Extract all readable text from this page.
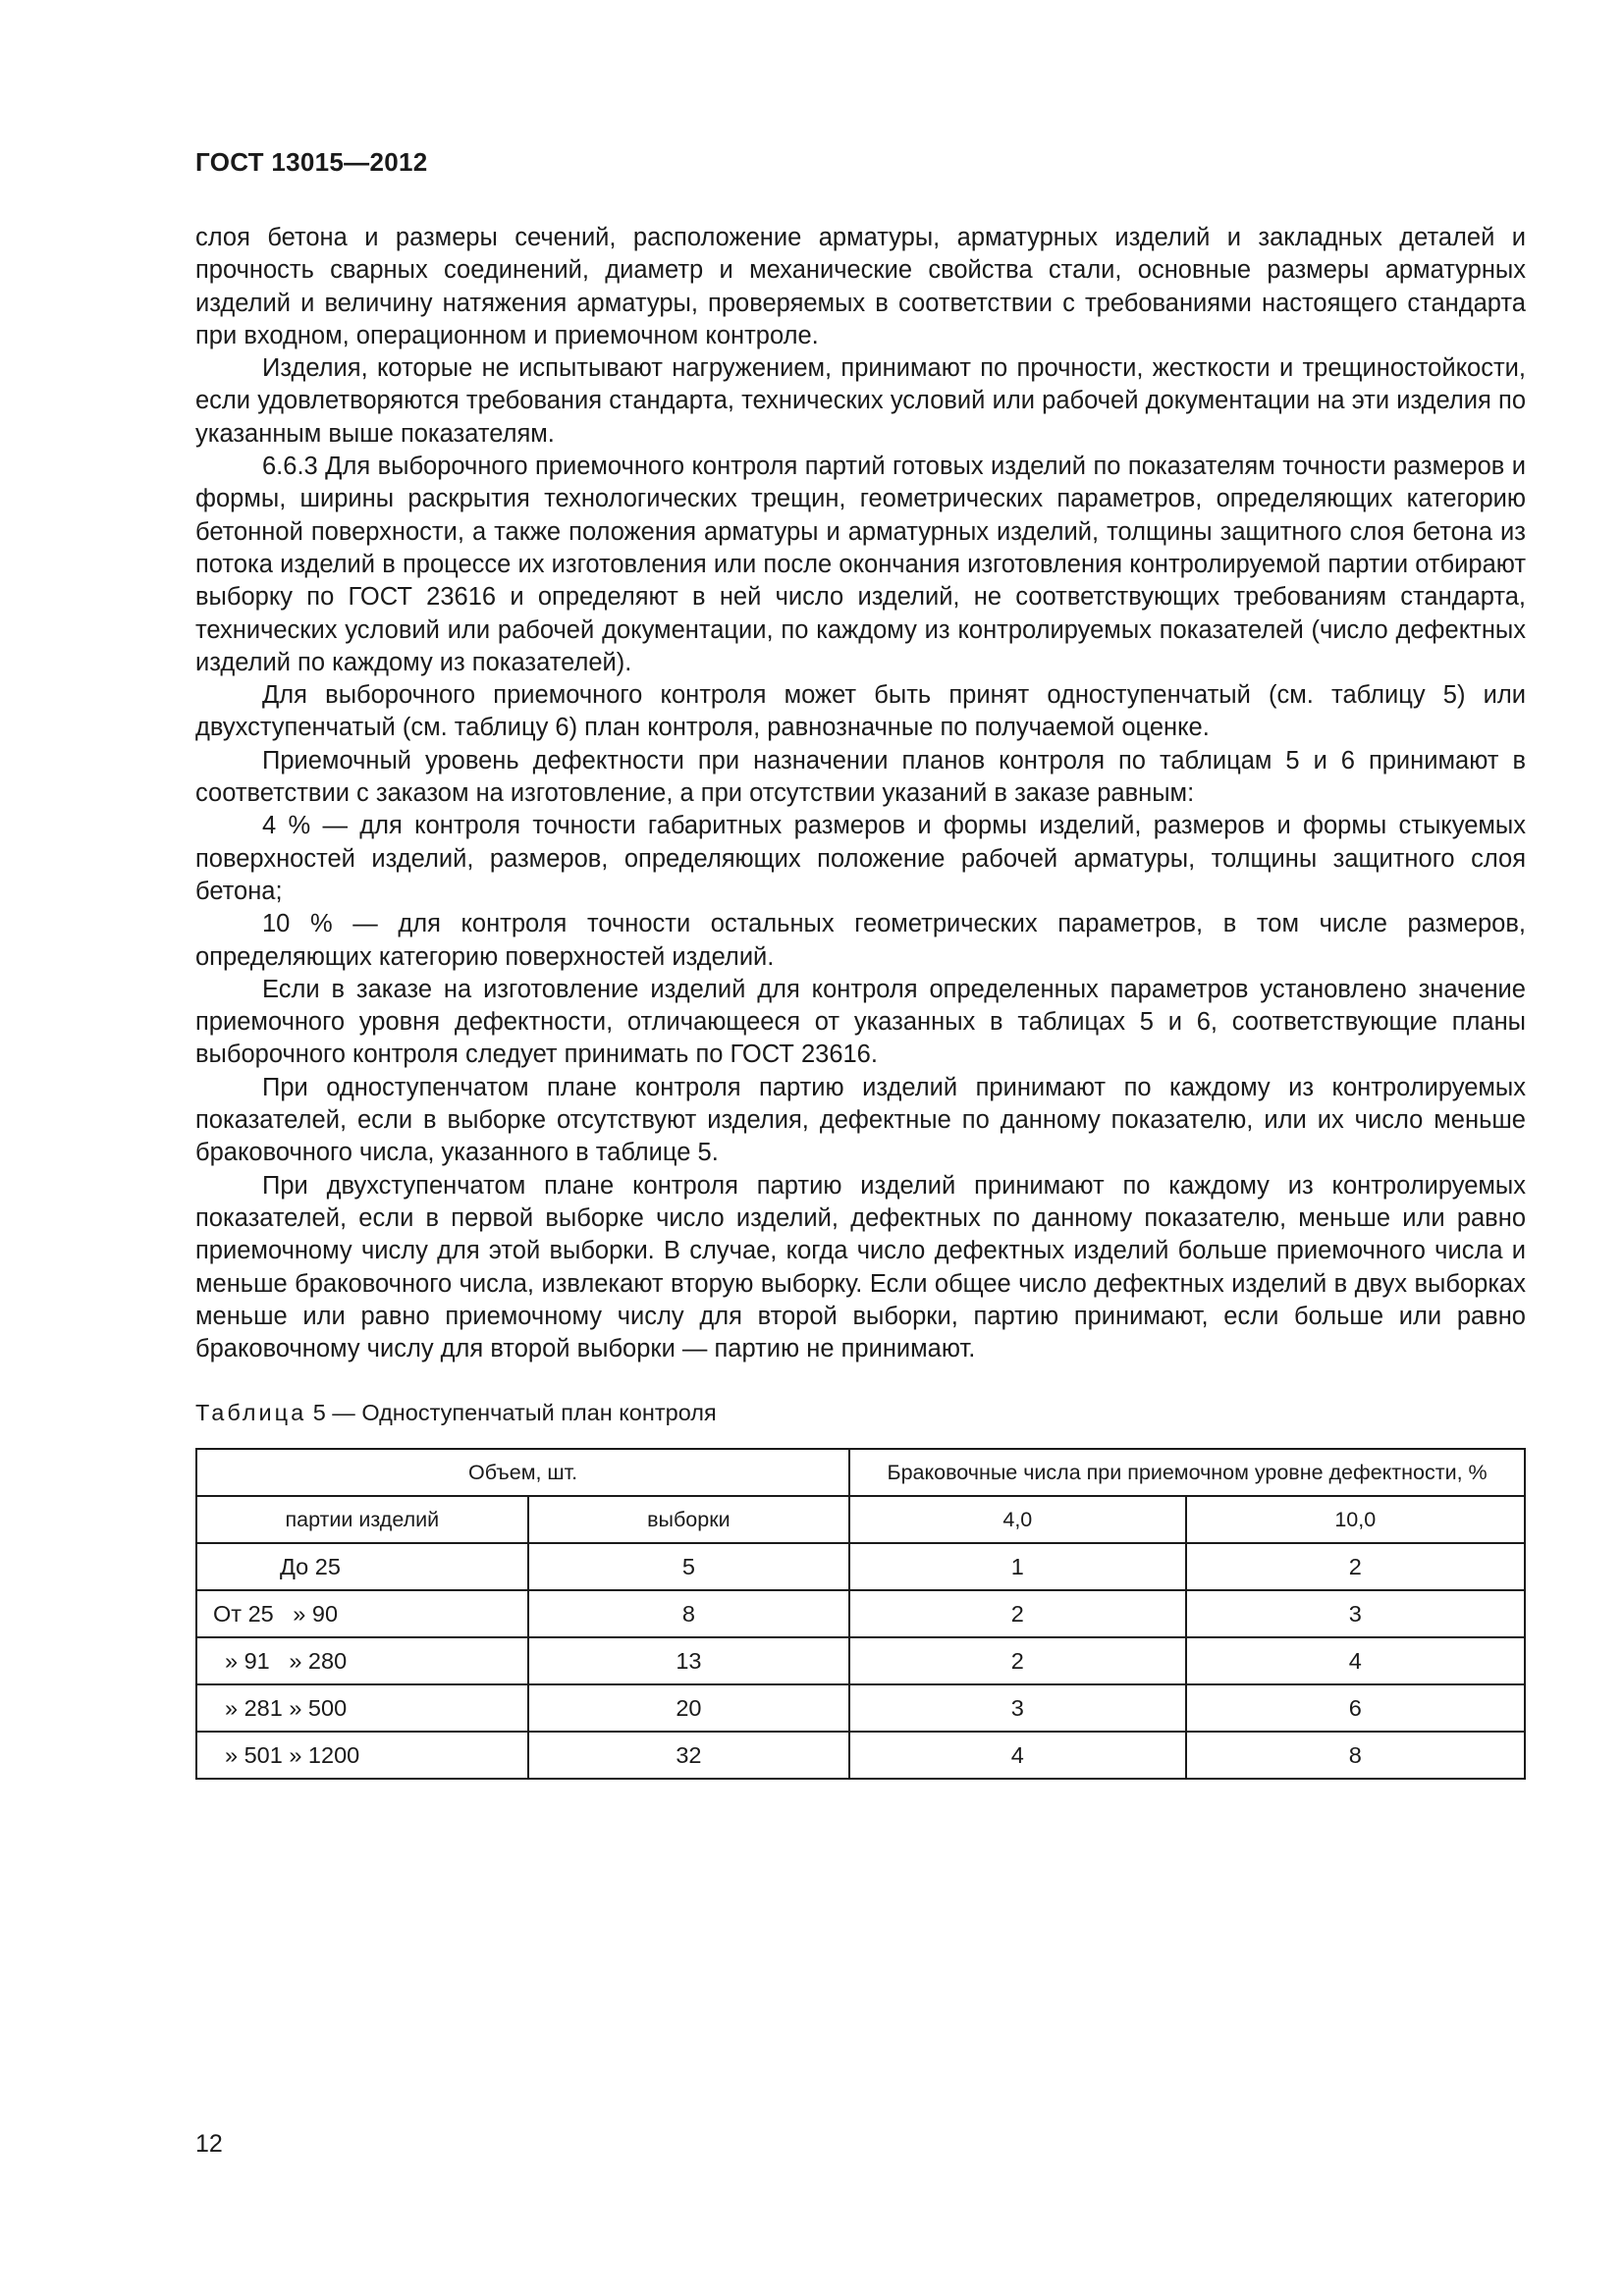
ГОСТ 13015—2012

слоя бетона и размеры сечений, расположение арматуры, арматурных изделий и закладных деталей и прочность сварных соединений, диаметр и механические свойства стали, основные размеры арматурных изделий и величину натяжения арматуры, проверяемых в соответствии с требованиями настоящего стандарта при входном, операционном и приемочном контроле.

Изделия, которые не испытывают нагружением, принимают по прочности, жесткости и трещиностойкости, если удовлетворяются требования стандарта, технических условий или рабочей документации на эти изделия по указанным выше показателям.

6.6.3 Для выборочного приемочного контроля партий готовых изделий по показателям точности размеров и формы, ширины раскрытия технологических трещин, геометрических параметров, определяющих категорию бетонной поверхности, а также положения арматуры и арматурных изделий, толщины защитного слоя бетона из потока изделий в процессе их изготовления или после окончания изготовления контролируемой партии отбирают выборку по ГОСТ 23616 и определяют в ней число изделий, не соответствующих требованиям стандарта, технических условий или рабочей документации, по каждому из контролируемых показателей (число дефектных изделий по каждому из показателей).

Для выборочного приемочного контроля может быть принят одноступенчатый (см. таблицу 5) или двухступенчатый (см. таблицу 6) план контроля, равнозначные по получаемой оценке.

Приемочный уровень дефектности при назначении планов контроля по таблицам 5 и 6 принимают в соответствии с заказом на изготовление, а при отсутствии указаний в заказе равным:

4 % — для контроля точности габаритных размеров и формы изделий, размеров и формы стыкуемых поверхностей изделий, размеров, определяющих положение рабочей арматуры, толщины защитного слоя бетона;

10 % — для контроля точности остальных геометрических параметров, в том числе размеров, определяющих категорию поверхностей изделий.

Если в заказе на изготовление изделий для контроля определенных параметров установлено значение приемочного уровня дефектности, отличающееся от указанных в таблицах 5 и 6, соответствующие планы выборочного контроля следует принимать по ГОСТ 23616.

При одноступенчатом плане контроля партию изделий принимают по каждому из контролируемых показателей, если в выборке отсутствуют изделия, дефектные по данному показателю, или их число меньше браковочного числа, указанного в таблице 5.

При двухступенчатом плане контроля партию изделий принимают по каждому из контролируемых показателей, если в первой выборке число изделий, дефектных по данному показателю, меньше или равно приемочному числу для этой выборки. В случае, когда число дефектных изделий больше приемочного числа и меньше браковочного числа, извлекают вторую выборку. Если общее число дефектных изделий в двух выборках меньше или равно приемочному числу для второй выборки, партию принимают, если больше или равно браковочному числу для второй выборки — партию не принимают.

Таблица 5 — Одноступенчатый план контроля
Объем, шт.		Браковочные числа при приемочном уровне дефектности, %	
партии изделий	выборки	4,0	10,0
До 25	5	1	2
От 25   » 90	8	2	3
» 91   » 280	13	2	4
» 281 » 500	20	3	6
» 501 » 1200	32	4	8
12
